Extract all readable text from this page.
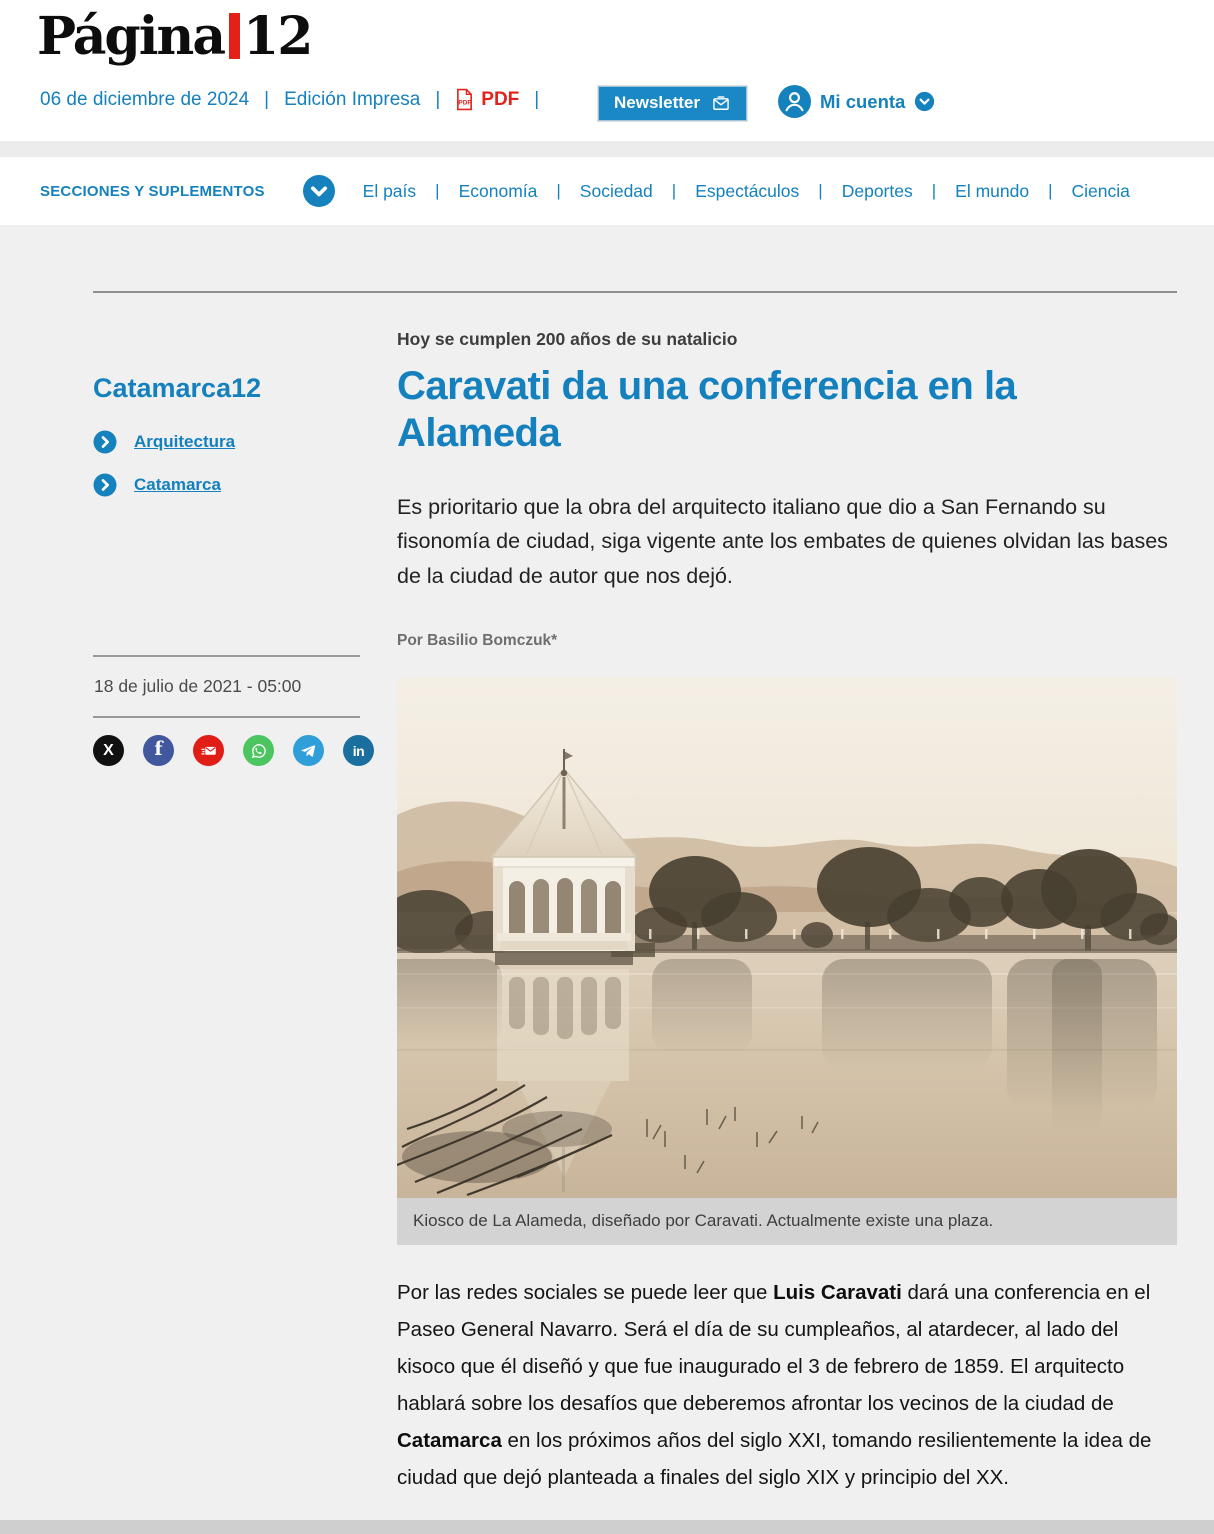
Página 12
06 de diciembre de 2024 | Edición Impresa |	PDF PDF |	Newsletter	Mi cuenta
SECCIONES Y SUPLEMENTOS	El país | Economía | Sociedad | Espectáculos | Deportes | El mundo | Ciencia
Catamarca12
Arquitectura
Catamarca
18 de julio de 2021 - 05:00
X f	in

Hoy se cumplen 200 años de su natalicio

Caravati da una conferencia en la Alameda

Es prioritario que la obra del arquitecto italiano que dio a San Fernando su fisonomía de ciudad, siga vigente ante los embates de quienes olvidan las bases de la ciudad de autor que nos dejó.

Por Basilio Bomczuk*

Kiosco de La Alameda, diseñado por Caravati. Actualmente existe una plaza.

Por las redes sociales se puede leer que Luis Caravati dará una conferencia en el Paseo General Navarro. Será el día de su cumpleaños, al atardecer, al lado del kisoco que él diseñó y que fue inaugurado el 3 de febrero de 1859. El arquitecto hablará sobre los desafíos que deberemos afrontar los vecinos de la ciudad de Catamarca en los próximos años del siglo XXI, tomando resilientemente la idea de ciudad que dejó planteada a finales del siglo XIX y principio del XX.
